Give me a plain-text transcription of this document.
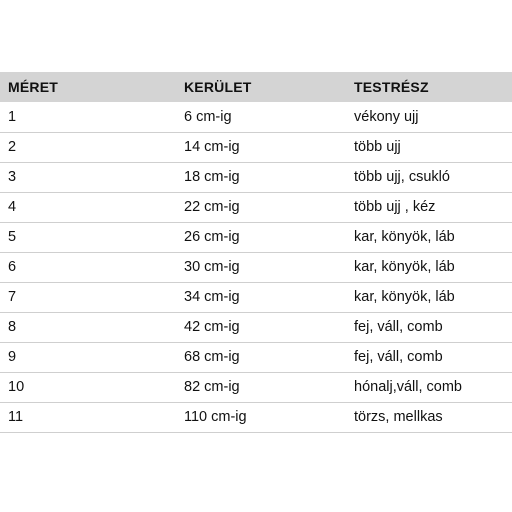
MÉRET	KERÜLET	TESTRÉSZ
1	6 cm-ig	vékony ujj
2	14 cm-ig	több ujj
3	18 cm-ig	több ujj, csukló
4	22 cm-ig	több ujj , kéz
5	26 cm-ig	kar, könyök, láb
6	30 cm-ig	kar, könyök, láb
7	34 cm-ig	kar, könyök, láb
8	42 cm-ig	fej, váll, comb
9	68 cm-ig	fej, váll, comb
10	82 cm-ig	hónalj,váll, comb
11	110 cm-ig	törzs, mellkas
